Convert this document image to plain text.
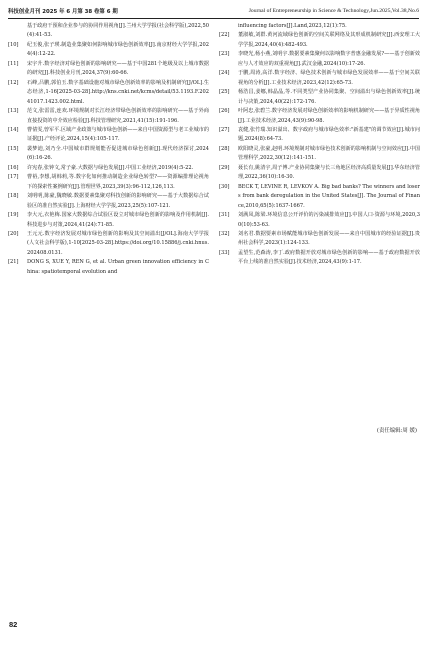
科技创业月刊 2025 年 6 月第 38 卷第 6 期	Journal of Entrepreneurship in Science & Technology,Jun.2025,Vol.38,No.6
基于政府干预和企业参与的协同作用视角[J].兰州大学学报(社会科学版),2022,50(4):41-53.
[10]	纪玉俊,张子瑛.制造业集聚如何影响城市绿色创新效率[J].南京财经大学学报,2024(4):12-22.
[11]	宋宇升.数字经济对绿色创新的影响研究——基于中国281个地级及以上城市数据的研究[J].科技创业月刊,2024,37(9):60-66.
[12]	石峰,吕鹏,郭伯玉.数字基础设施对城市绿色创新效率的影响及机制研究[J/OL].生态经济,1-16[2025-03-28].http://kns.cnki.net/kcms/detail/53.1193.F.20241017.1423.002.html.
[13]	范文,张雷雷,连欢.环境规制对长江经济带绿色创新效率的影响研究——基于外商直接投资的中介效应检验[J].科技管理研究,2021,41(15):191-196.
[14]	曹倩雯,曾军平.区域产业政策与城市绿色创新——来自中国资源型与老工业城市的证据[J].产经评论,2024,15(4):105-117.
[15]	裴梦迪,刘乃全.中国城市群规划能否促进城市绿色创新[J].现代经济探讨,2024(6):16-26.
[16]	许宪春,张钟文,常子豪.大数据与绿色发展[J].中国工业经济,2019(4):5-22.
[17]	曹裕,李想,胡韩莉,等.数字化如何推动制造企业绿色转型?——资源编排理论视角下的探索性案例研究[J].管理世界,2023,39(3):96-112,126,113.
[18]	刘明明,陈豪,魏晓敏.数据要素集聚对科技创新的影响研究——基于大数据综合试验区的准自然实验[J].上海财经大学学报,2023,25(5):107-121.
[19]	李大元,衣艳梅.国家大数据综合试验区设立对城市绿色创新的影响及作用机制[J].科技进步与对策,2024,41(24):71-85.
[20]	王元元.数字经济发展对城市绿色创新的影响及其空间溢出[J/OL].海南大学学报(人文社会科学版),1-10[2025-03-28].https://doi.org/10.15886/j.cnki.hnus.202408.0131.
[21]	DONG S, XUE Y, REN G, et al. Urban green innovation efficiency in China: spatiotemporal evolution and
influencing factors[J].Land,2023,12(1):75.
[22]	董淑敏,刘群.黄河流域绿色创新的空间关联网络及其形成机制研究[J].西安理工大学学报,2024,40(4):482-493.
[23]	李晓光,杨小燕,刘明宇.数据要素集聚何以影响数字普惠金融发展?——基于创新效应与人才效应的双重视角[J].武汉金融,2024(10):17-26.
[24]	于鹏,周涛,高洋.数字经济、绿色技术创新与城市绿色发展效率——基于空间关联视角的分析[J].工业技术经济,2023,42(12):65-73.
[25]	杨浩昌,姜娜,韩晶晶,等.不同类型产业协同集聚、空间溢出与绿色创新效率[J].统计与决策,2024,40(22):172-176.
[26]	叶阿忠,张碧兰.数字经济发展对绿色创新效率的影响机制研究——基于异质性视角[J].工业技术经济,2024,43(9):90-98.
[27]	袁健,张竹瑞.知识溢出、数字政府与城市绿色效率:"新基建"的调节效应[J].城市问题,2024(8):64-73.
[28]	欧阳晓灵,张豪,赵明.环境规制对城市绿色技术创新的影响机制与空间效应[J].中国管理科学,2022,30(12):141-151.
[29]	聂长有,姚清宇,周子博.产业协同集聚与长三角地区经济高质量发展[J].华东经济管理,2022,36(10):16-30.
[30]	BECK T, LEVINE R, LEVKOV A. Big bad banks? The winners and losers from bank deregulation in the United States[J]. The Journal of Finance,2010,65(5):1637-1667.
[31]	刘满凤,陈梁.环境信息公开评价的污染减排效应[J].中国人口·资源与环境,2020,30(10):53-63.
[32]	刘名君.数据要素市场赋能城市绿色创新发展——来自中国城市的经验证据[J].贵州社会科学,2023(1):124-133.
[33]	孟望生,范森涛,李丁.政府数据开放对城市绿色创新的影响——基于政府数据开放平台上线的准自然实验[J].技术经济,2024,43(9):1-17.
(责任编辑:周 媛)
82
